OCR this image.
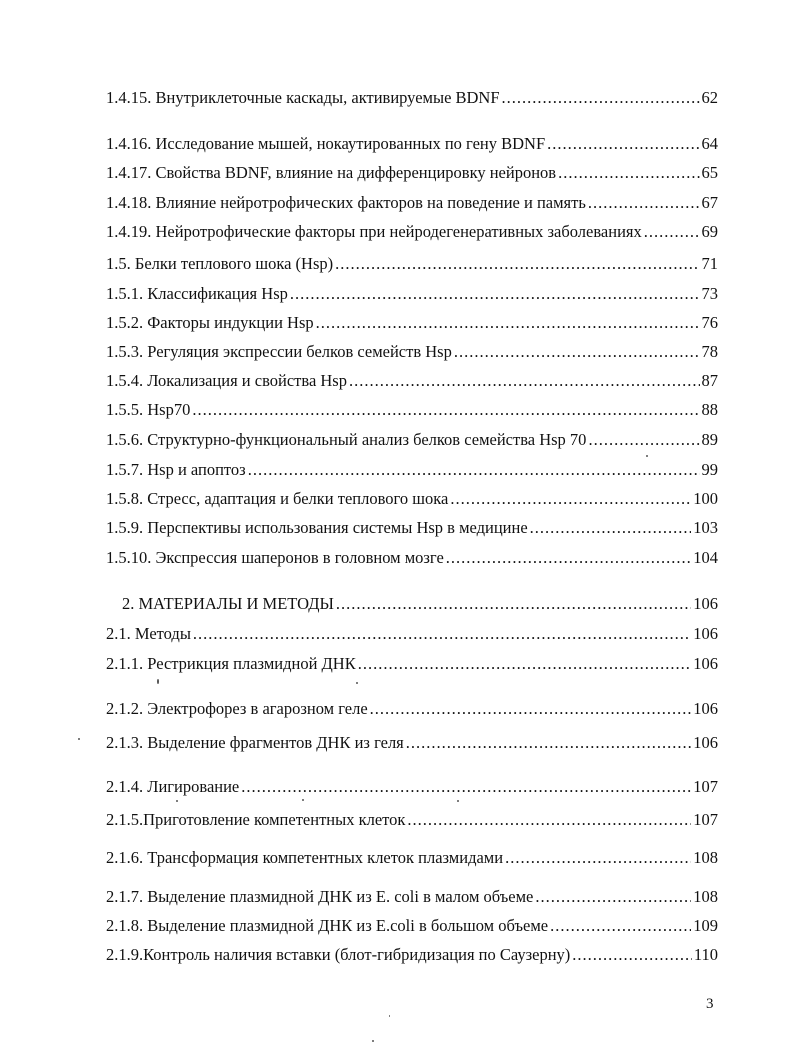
1.4.15. Внутриклеточные каскады, активируемые BDNF .....	62
1.4.16. Исследование мышей, нокаутированных по гену BDNF .....	64
1.4.17. Свойства BDNF, влияние на дифференцировку нейронов .....	65
1.4.18. Влияние нейротрофических факторов на поведение и память .....	67
1.4.19. Нейротрофические факторы при нейродегенеративных заболеваниях .....	69
1.5. Белки теплового шока (Hsp) .....	71
1.5.1. Классификация Hsp .....	73
1.5.2. Факторы индукции Hsp .....	76
1.5.3. Регуляция экспрессии белков семейств Hsp .....	78
1.5.4. Локализация и свойства Hsp .....	87
1.5.5. Hsp70 .....	88
1.5.6. Структурно-функциональный анализ белков семейства Hsp 70 .....	89
1.5.7. Hsp и апоптоз .....	99
1.5.8. Стресс, адаптация и белки теплового шока .....	100
1.5.9. Перспективы использования системы Hsp в медицине .....	103
1.5.10. Экспрессия шаперонов в головном мозге .....	104
2. МАТЕРИАЛЫ И МЕТОДЫ .....	106
2.1. Методы .....	106
2.1.1. Рестрикция плазмидной ДНК .....	106
2.1.2. Электрофорез в агарозном геле .....	106
2.1.3. Выделение фрагментов ДНК из геля .....	106
2.1.4. Лигирование .....	107
2.1.5.Приготовление компетентных клеток .....	107
2.1.6. Трансформация компетентных клеток плазмидами .....	108
2.1.7. Выделение плазмидной ДНК из E. coli в малом объеме .....	108
2.1.8. Выделение плазмидной ДНК из E.coli в большом объеме .....	109
2.1.9.Контроль наличия вставки (блот-гибридизация по Саузерну) .....	110
3
